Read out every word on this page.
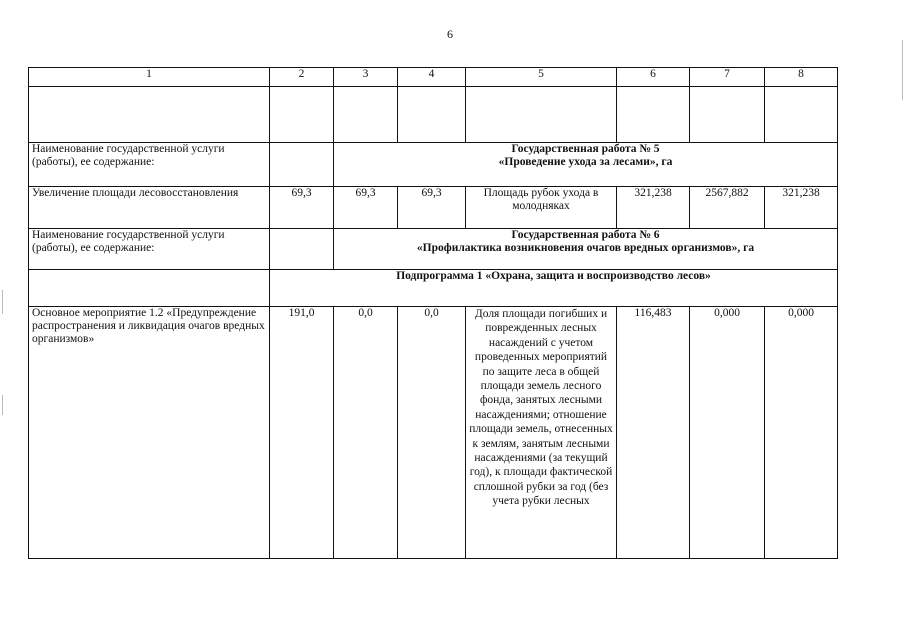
6
1	2	3	4	5	6	7	8

Наименование государственной услуги (работы), ее содержание:		Государственная работа № 5
«Проведение ухода за лесами», га					

Увеличение площади лесовосстановления	69,3	69,3	69,3	Площадь рубок ухода в молодняках	321,238	2567,882	321,238
Наименование государственной услуги (работы), ее содержание:		Государственная работа № 6
«Профилактика возникновения очагов вредных организмов», га					

	Подпрограмма 1 «Охрана, защита и воспроизводство лесов»						
Основное мероприятие 1.2 «Предупреждение распространения и ликвидация очагов вредных организмов»	191,0	0,0	0,0	Доля площади погибших и поврежденных лесных насаждений с учетом проведенных мероприятий по защите леса в общей площади земель лесного фонда, занятых лесными насаждениями; отношение площади земель, отнесенных к землям, занятым лесными насаждениями (за текущий год), к площади фактической сплошной рубки за год (без учета рубки лесных	116,483	0,000	0,000
